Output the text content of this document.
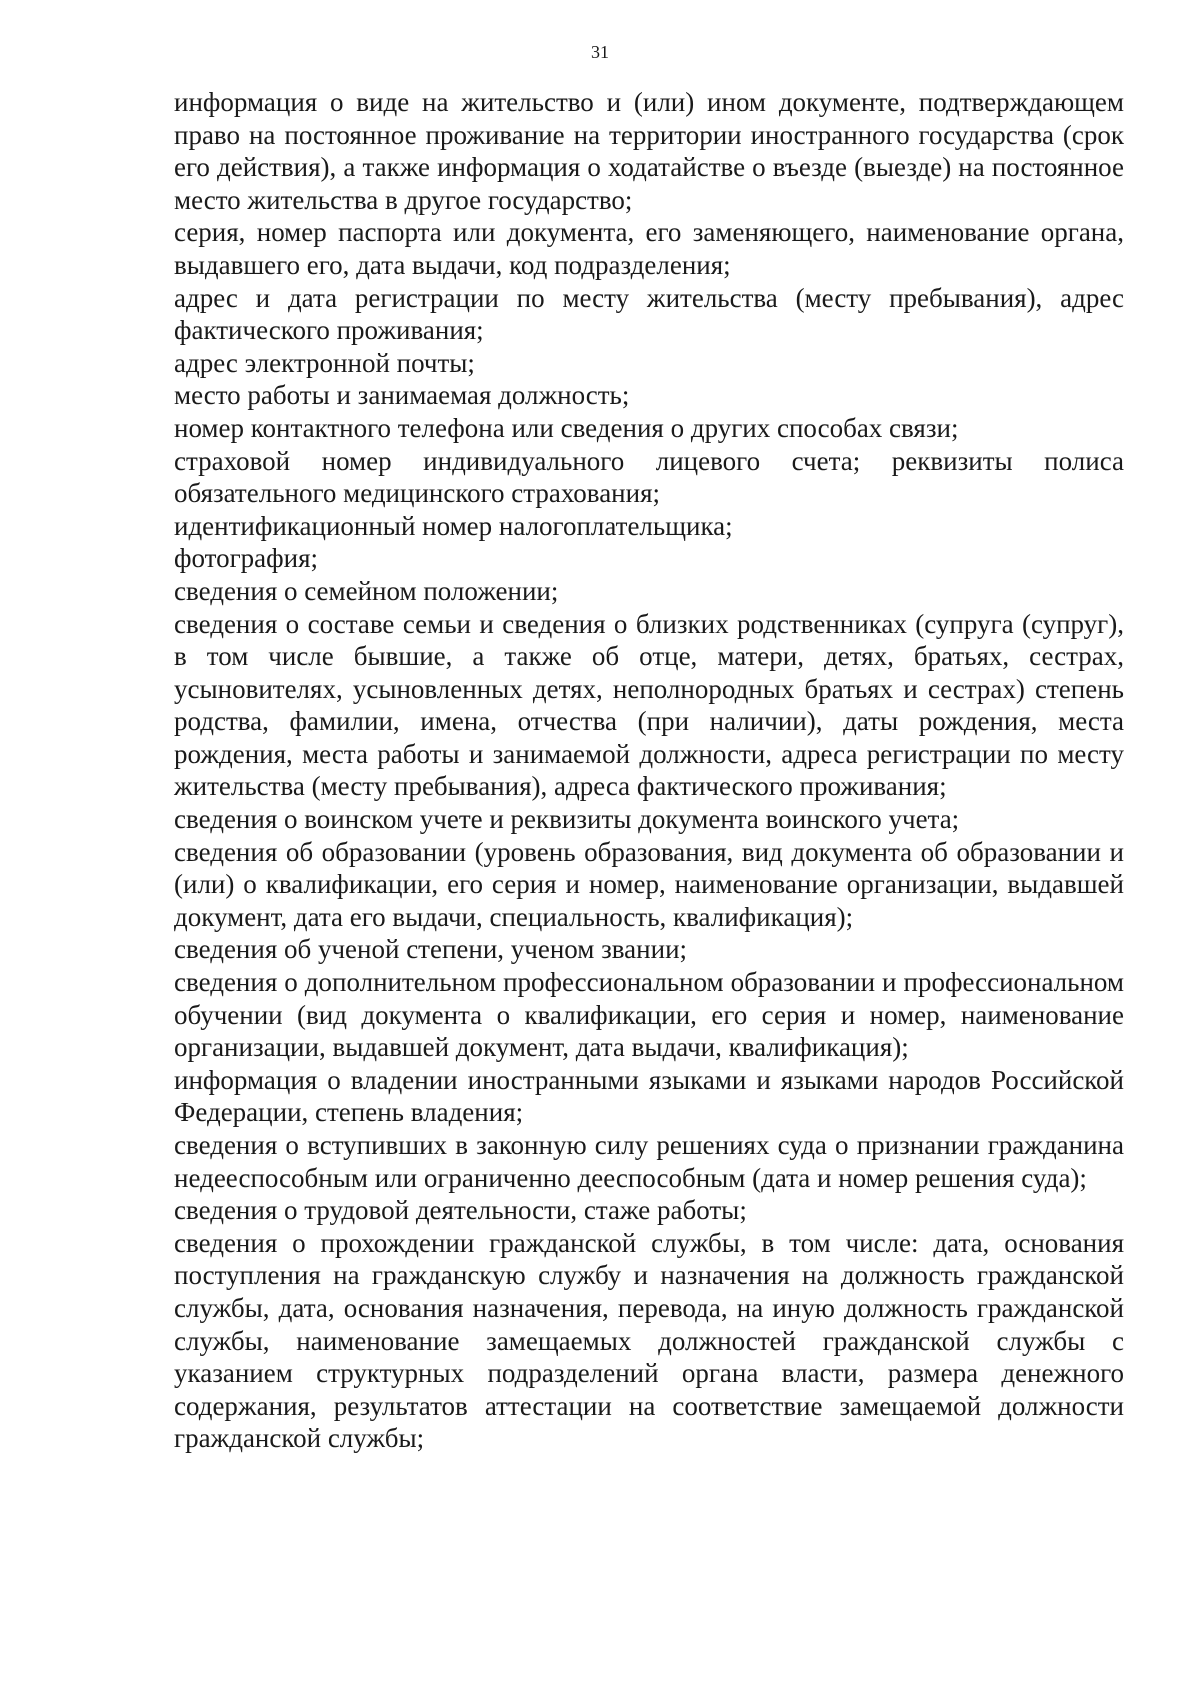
31

информация о виде на жительство и (или) ином документе, подтверждающем право на постоянное проживание на территории иностранного государства (срок его действия), а также информация о ходатайстве о въезде (выезде) на постоянное место жительства в другое государство;

серия, номер паспорта или документа, его заменяющего, наименование органа, выдавшего его, дата выдачи, код подразделения;

адрес и дата регистрации по месту жительства (месту пребывания), адрес фактического проживания;

адрес электронной почты;

место работы и занимаемая должность;

номер контактного телефона или сведения о других способах связи;

страховой номер индивидуального лицевого счета; реквизиты полиса обязательного медицинского страхования;

идентификационный номер налогоплательщика;

фотография;

сведения о семейном положении;

сведения о составе семьи и сведения о близких родственниках (супруга (супруг), в том числе бывшие, а также об отце, матери, детях, братьях, сестрах, усыновителях, усыновленных детях, неполнородных братьях и сестрах) степень родства, фамилии, имена, отчества (при наличии), даты рождения, места рождения, места работы и занимаемой должности, адреса регистрации по месту жительства (месту пребывания), адреса фактического проживания;

сведения о воинском учете и реквизиты документа воинского учета;

сведения об образовании (уровень образования, вид документа об образовании и (или) о квалификации, его серия и номер, наименование организации, выдавшей документ, дата его выдачи, специальность, квалификация);

сведения об ученой степени, ученом звании;

сведения о дополнительном профессиональном образовании и профессиональном обучении (вид документа о квалификации, его серия и номер, наименование организации, выдавшей документ, дата выдачи, квалификация);

информация о владении иностранными языками и языками народов Российской Федерации, степень владения;

сведения о вступивших в законную силу решениях суда о признании гражданина недееспособным или ограниченно дееспособным (дата и номер решения суда);

сведения о трудовой деятельности, стаже работы;

сведения о прохождении гражданской службы, в том числе: дата, основания поступления на гражданскую службу и назначения на должность гражданской службы, дата, основания назначения, перевода, на иную должность гражданской службы, наименование замещаемых должностей гражданской службы с указанием структурных подразделений органа власти, размера денежного содержания, результатов аттестации на соответствие замещаемой должности гражданской службы;
